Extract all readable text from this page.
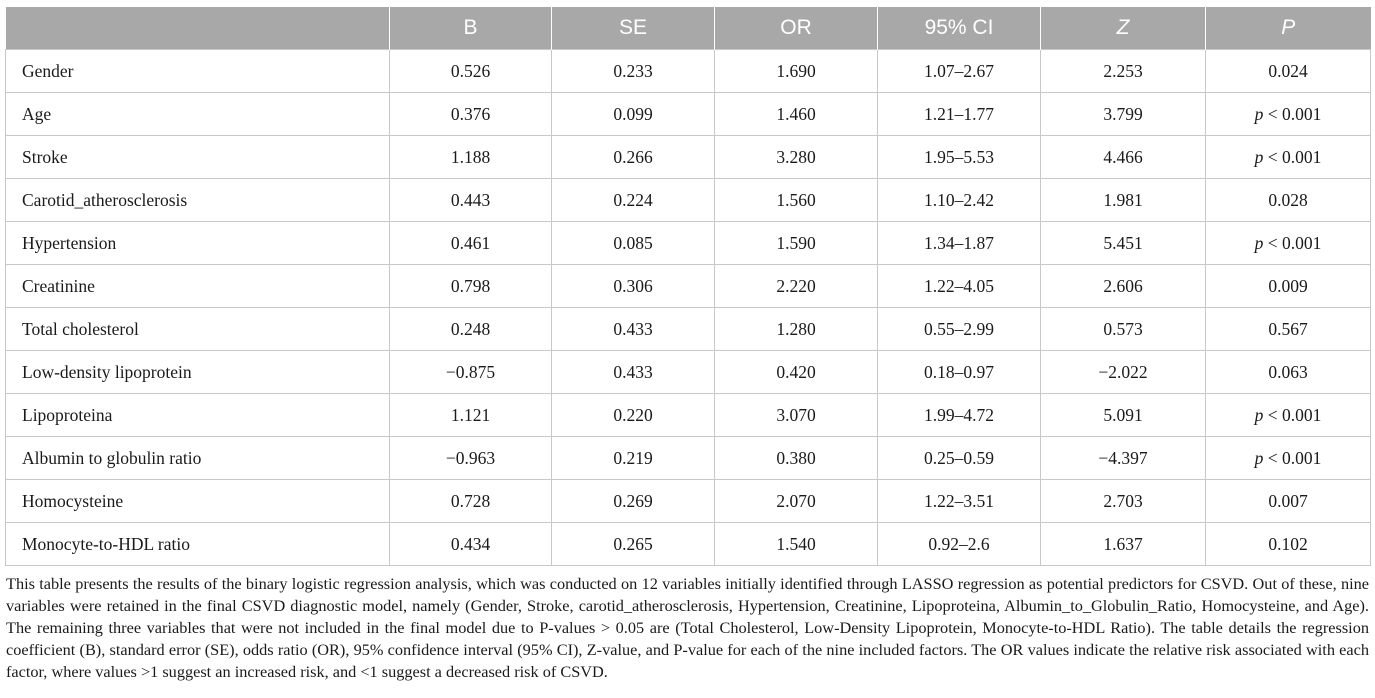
	B	SE	OR	95% CI	Z	P
Gender	0.526	0.233	1.690	1.07–2.67	2.253	0.024
Age	0.376	0.099	1.460	1.21–1.77	3.799	p < 0.001
Stroke	1.188	0.266	3.280	1.95–5.53	4.466	p < 0.001
Carotid_atherosclerosis	0.443	0.224	1.560	1.10–2.42	1.981	0.028
Hypertension	0.461	0.085	1.590	1.34–1.87	5.451	p < 0.001
Creatinine	0.798	0.306	2.220	1.22–4.05	2.606	0.009
Total cholesterol	0.248	0.433	1.280	0.55–2.99	0.573	0.567
Low-density lipoprotein	−0.875	0.433	0.420	0.18–0.97	−2.022	0.063
Lipoproteina	1.121	0.220	3.070	1.99–4.72	5.091	p < 0.001
Albumin to globulin ratio	−0.963	0.219	0.380	0.25–0.59	−4.397	p < 0.001
Homocysteine	0.728	0.269	2.070	1.22–3.51	2.703	0.007
Monocyte-to-HDL ratio	0.434	0.265	1.540	0.92–2.6	1.637	0.102
This table presents the results of the binary logistic regression analysis, which was conducted on 12 variables initially identified through LASSO regression as potential predictors for CSVD. Out of these, nine variables were retained in the final CSVD diagnostic model, namely (Gender, Stroke, carotid_atherosclerosis, Hypertension, Creatinine, Lipoproteina, Albumin_to_Globulin_Ratio, Homocysteine, and Age). The remaining three variables that were not included in the final model due to P-values > 0.05 are (Total Cholesterol, Low-Density Lipoprotein, Monocyte-to-HDL Ratio). The table details the regression coefficient (B), standard error (SE), odds ratio (OR), 95% confidence interval (95% CI), Z-value, and P-value for each of the nine included factors. The OR values indicate the relative risk associated with each factor, where values >1 suggest an increased risk, and <1 suggest a decreased risk of CSVD.
